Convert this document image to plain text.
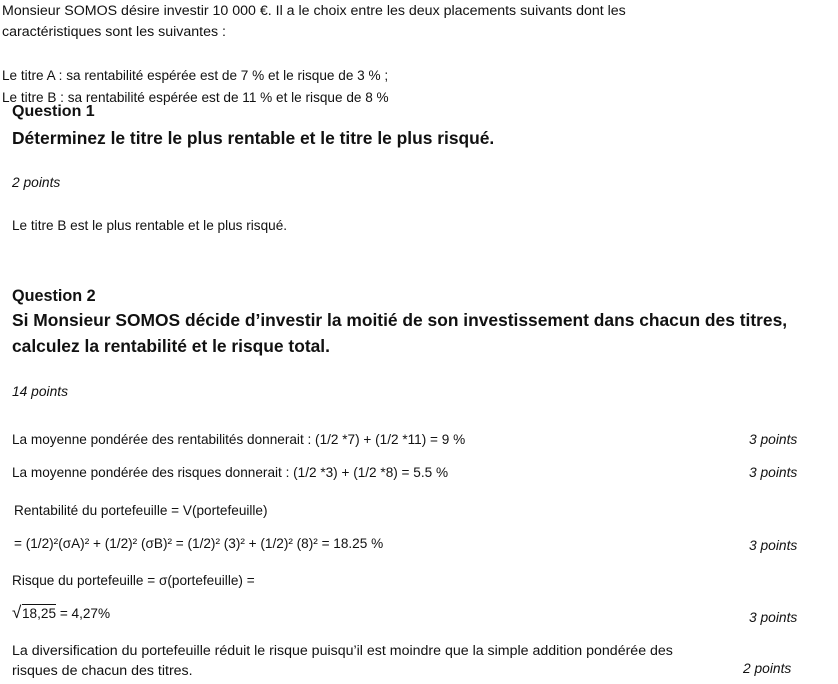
Monsieur SOMOS désire investir 10 000 €. Il a le choix entre les deux placements suivants dont les
caractéristiques sont les suivantes :
Le titre A : sa rentabilité espérée est de 7 % et le risque de 3 % ;
Le titre B : sa rentabilité espérée est de 11 % et le risque de 8 %
Question 1
Déterminez le titre le plus rentable et le titre le plus risqué.
2 points
Le titre B est le plus rentable et le plus risqué.
Question 2
Si Monsieur SOMOS décide d’investir la moitié de son investissement dans chacun des titres,
calculez la rentabilité et le risque total.
14 points
La moyenne pondérée des rentabilités donnerait : (1/2 *7) + (1/2 *11) = 9 %	3 points
La moyenne pondérée des risques donnerait : (1/2 *3) + (1/2 *8) = 5.5 %	3 points
Rentabilité du portefeuille = V(portefeuille)
= (1/2)²(σA)² + (1/2)² (σB)² = (1/2)² (3)² + (1/2)² (8)² = 18.25 %	3 points
Risque du portefeuille = σ(portefeuille) =
√ 18,25 = 4,27%	3 points
La diversification du portefeuille réduit le risque puisqu’il est moindre que la simple addition pondérée des
risques de chacun des titres.	2 points
